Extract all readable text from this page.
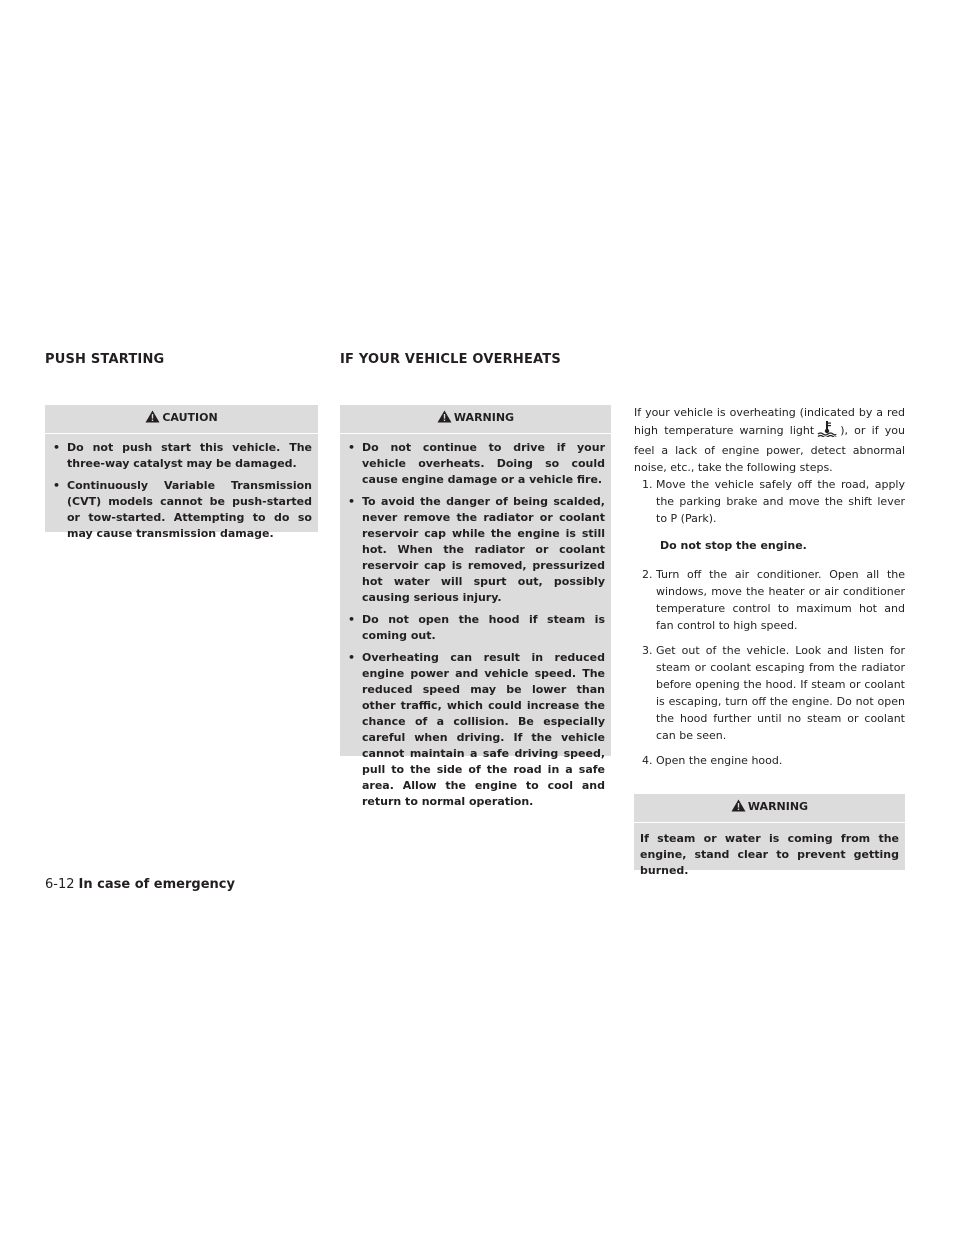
PUSH STARTING	IF YOUR VEHICLE OVERHEATS
CAUTION
• Do not push start this vehicle. The three-way catalyst may be damaged.
• Continuously Variable Transmission (CVT) models cannot be push-started or tow-started. Attempting to do so may cause transmission damage.
WARNING
• Do not continue to drive if your vehicle overheats. Doing so could cause engine damage or a vehicle fire.
• To avoid the danger of being scalded, never remove the radiator or coolant reservoir cap while the engine is still hot. When the radiator or coolant reservoir cap is removed, pressurized hot water will spurt out, possibly causing serious injury.
• Do not open the hood if steam is coming out.
• Overheating can result in reduced engine power and vehicle speed. The reduced speed may be lower than other traffic, which could increase the chance of a collision. Be especially careful when driving. If the vehicle cannot maintain a safe driving speed, pull to the side of the road in a safe area. Allow the engine to cool and return to normal operation.

If your vehicle is overheating (indicated by a red high temperature warning light ), or if you feel a lack of engine power, detect abnormal noise, etc., take the following steps.

1. Move the vehicle safely off the road, apply the parking brake and move the shift lever to P (Park).

Do not stop the engine.

2. Turn off the air conditioner. Open all the windows, move the heater or air conditioner temperature control to maximum hot and fan control to high speed.
3. Get out of the vehicle. Look and listen for steam or coolant escaping from the radiator before opening the hood. If steam or coolant is escaping, turn off the engine. Do not open the hood further until no steam or coolant can be seen.
4. Open the engine hood.
WARNING

If steam or water is coming from the engine, stand clear to prevent getting burned.

6-12 In case of emergency
